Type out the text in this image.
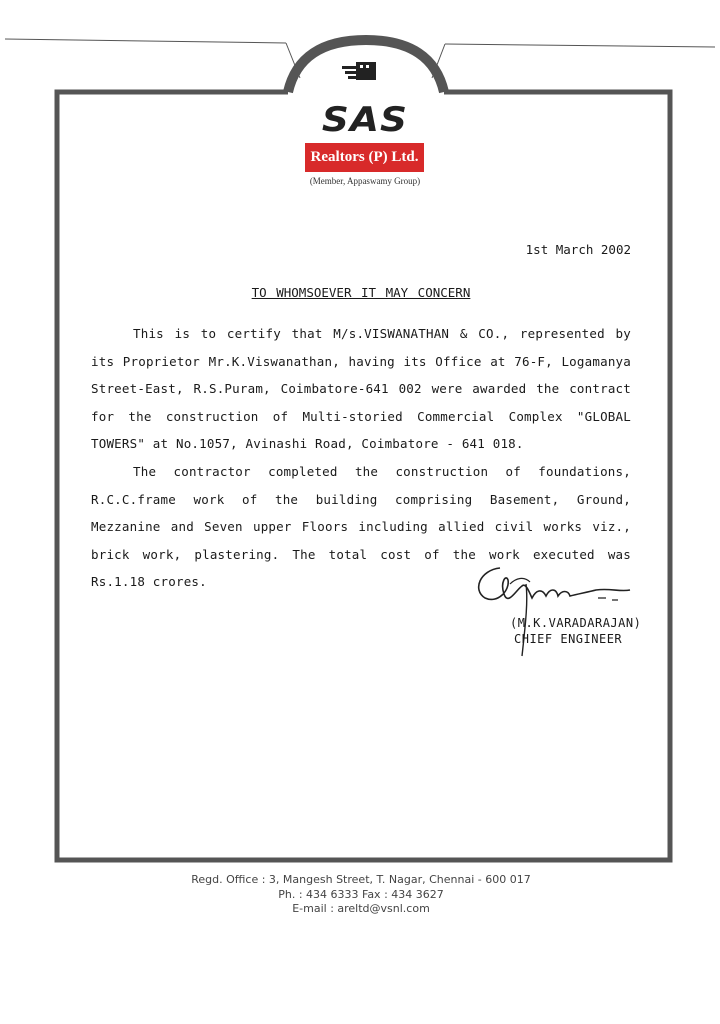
SAS
Realtors (P) Ltd.
(Member, Appaswamy Group)
1st March 2002
TO WHOMSOEVER IT MAY CONCERN

This is to certify that M/s.VISWANATHAN & CO., represented by its Proprietor Mr.K.Viswanathan, having its Office at 76-F, Logamanya Street-East, R.S.Puram, Coimbatore-641 002 were awarded the contract for the construction of Multi-storied Commercial Complex "GLOBAL TOWERS" at No.1057, Avinashi Road, Coimbatore - 641 018.

The contractor completed the construction of foundations, R.C.C.frame work of the building comprising Basement, Ground, Mezzanine and Seven upper Floors including allied civil works viz., brick work, plastering. The total cost of the work executed was Rs.1.18 crores.

(M.K.VARADARAJAN)
CHIEF ENGINEER
Regd. Office : 3, Mangesh Street, T. Nagar, Chennai - 600 017
Ph. : 434 6333 Fax : 434 3627
E-mail : areltd@vsnl.com
